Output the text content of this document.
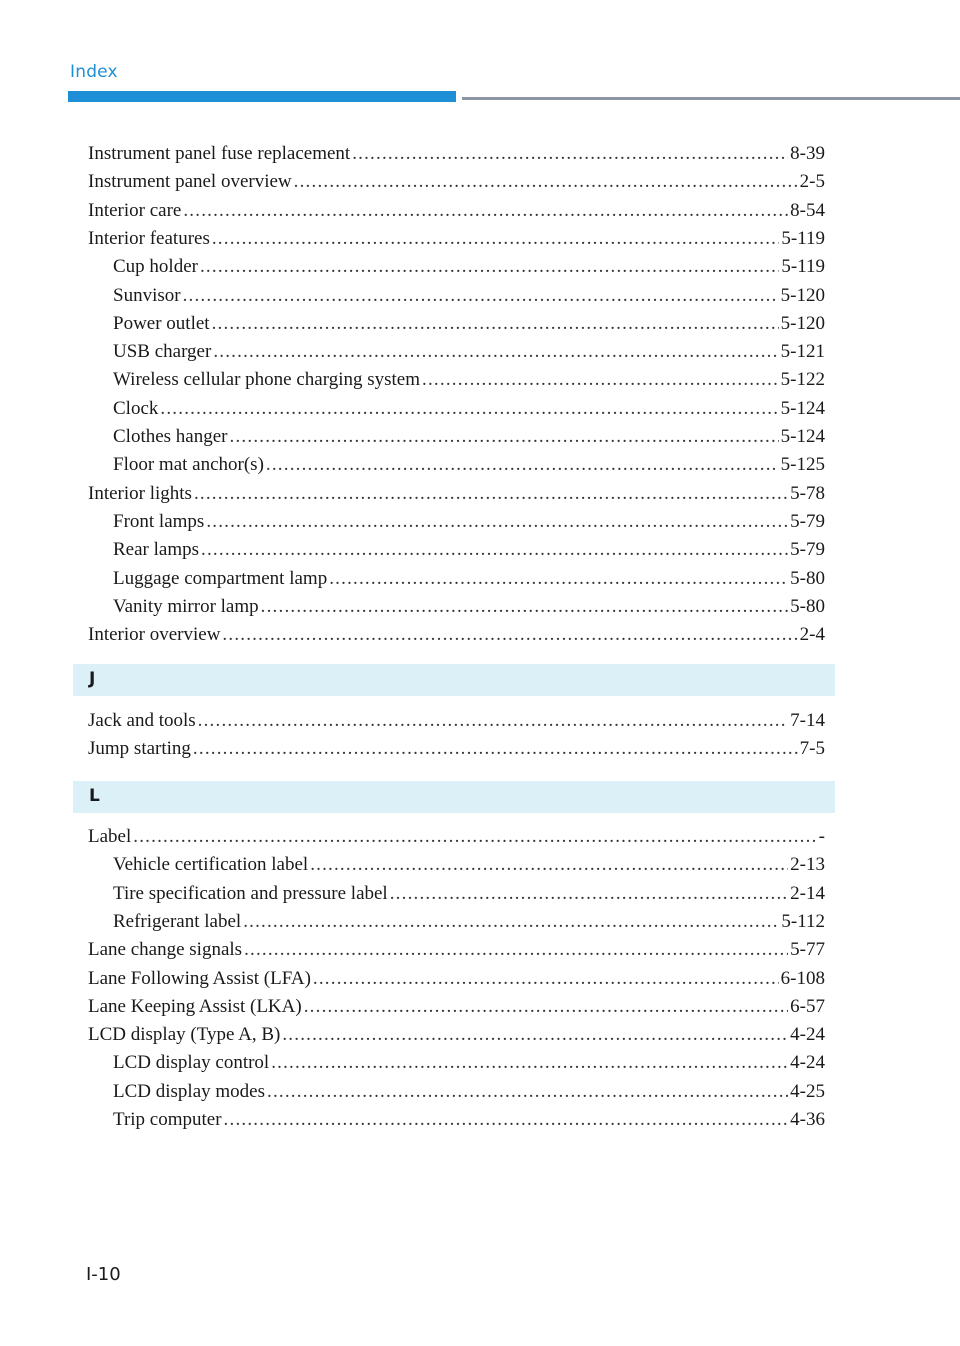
Index
Instrument panel fuse replacement .....	8-39
Instrument panel overview .....	2-5
Interior care .....	8-54
Interior features .....	5-119
Cup holder .....	5-119
Sunvisor .....	5-120
Power outlet .....	5-120
USB charger .....	5-121
Wireless cellular phone charging system .....	5-122
Clock .....	5-124
Clothes hanger .....	5-124
Floor mat anchor(s) .....	5-125
Interior lights .....	5-78
Front lamps .....	5-79
Rear lamps .....	5-79
Luggage compartment lamp .....	5-80
Vanity mirror lamp .....	5-80
Interior overview .....	2-4
J
Jack and tools .....	7-14
Jump starting .....	7-5
L
Label .....	-
Vehicle certification label .....	2-13
Tire specification and pressure label .....	2-14
Refrigerant label .....	5-112
Lane change signals .....	5-77
Lane Following Assist (LFA) .....	6-108
Lane Keeping Assist (LKA) .....	6-57
LCD display (Type A, B) .....	4-24
LCD display control .....	4-24
LCD display modes .....	4-25
Trip computer .....	4-36
I-10
